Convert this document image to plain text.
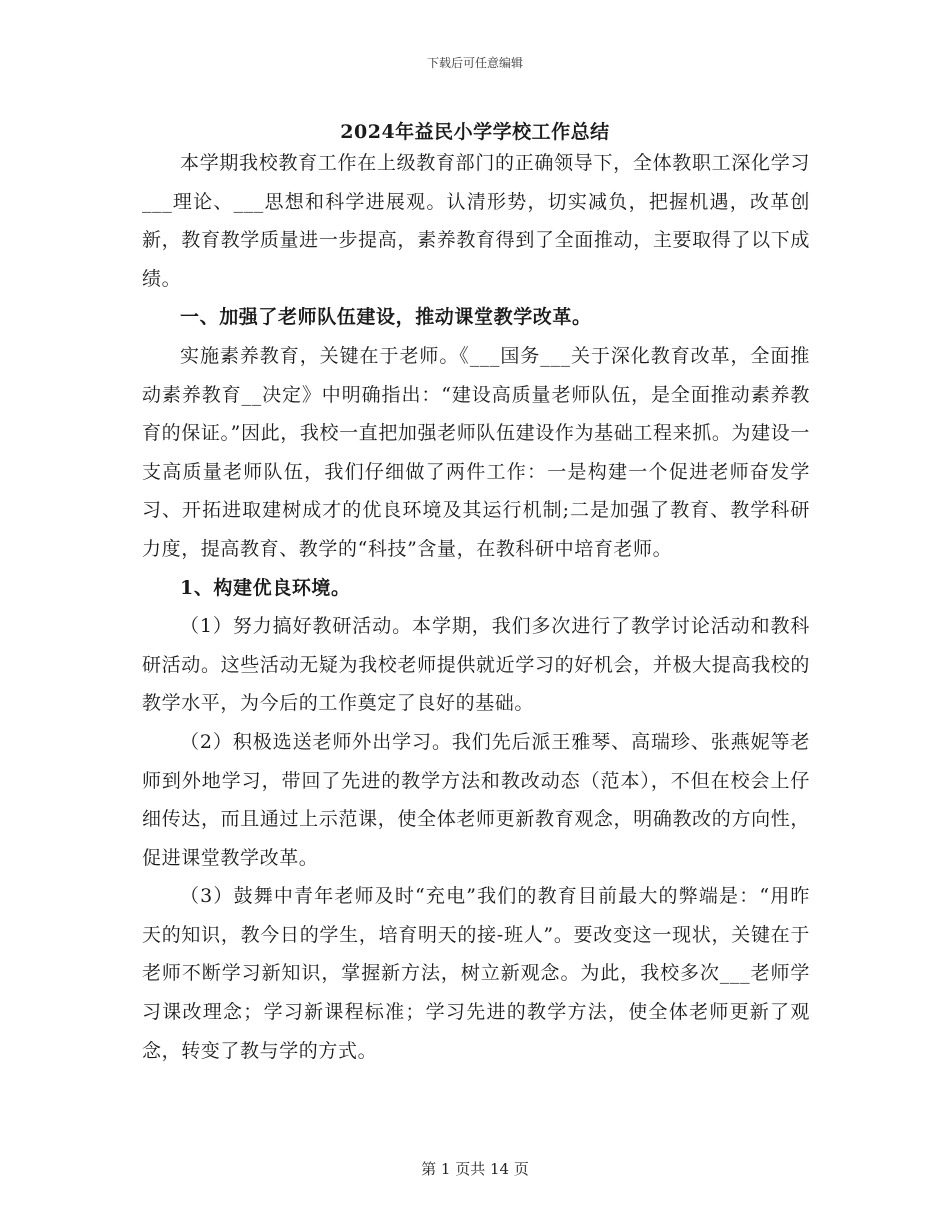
下载后可任意编辑
2024年益民小学学校工作总结

本学期我校教育工作在上级教育部门的正确领导下，全体教职工深化学习___理论、___思想和科学进展观。认清形势，切实减负，把握机遇，改革创新，教育教学质量进一步提高，素养教育得到了全面推动，主要取得了以下成绩。

一、加强了老师队伍建设，推动课堂教学改革。

实施素养教育，关键在于老师。《___国务___关于深化教育改革，全面推动素养教育__决定》中明确指出：“建设高质量老师队伍，是全面推动素养教育的保证。”因此，我校一直把加强老师队伍建设作为基础工程来抓。为建设一支高质量老师队伍，我们仔细做了两件工作：一是构建一个促进老师奋发学习、开拓进取建树成才的优良环境及其运行机制;二是加强了教育、教学科研力度，提高教育、教学的“科技”含量，在教科研中培育老师。

1、构建优良环境。

（1）努力搞好教研活动。本学期，我们多次进行了教学讨论活动和教科研活动。这些活动无疑为我校老师提供就近学习的好机会，并极大提高我校的教学水平，为今后的工作奠定了良好的基础。

（2）积极选送老师外出学习。我们先后派王雅琴、高瑞珍、张燕妮等老师到外地学习，带回了先进的教学方法和教改动态（范本），不但在校会上仔细传达，而且通过上示范课，使全体老师更新教育观念，明确教改的方向性，促进课堂教学改革。

（3）鼓舞中青年老师及时“充电”我们的教育目前最大的弊端是：“用昨天的知识，教今日的学生，培育明天的接-班人”。要改变这一现状，关键在于老师不断学习新知识，掌握新方法，树立新观念。为此，我校多次___老师学习课改理念；学习新课程标准；学习先进的教学方法，使全体老师更新了观念，转变了教与学的方式。

第 1 页共 14 页
